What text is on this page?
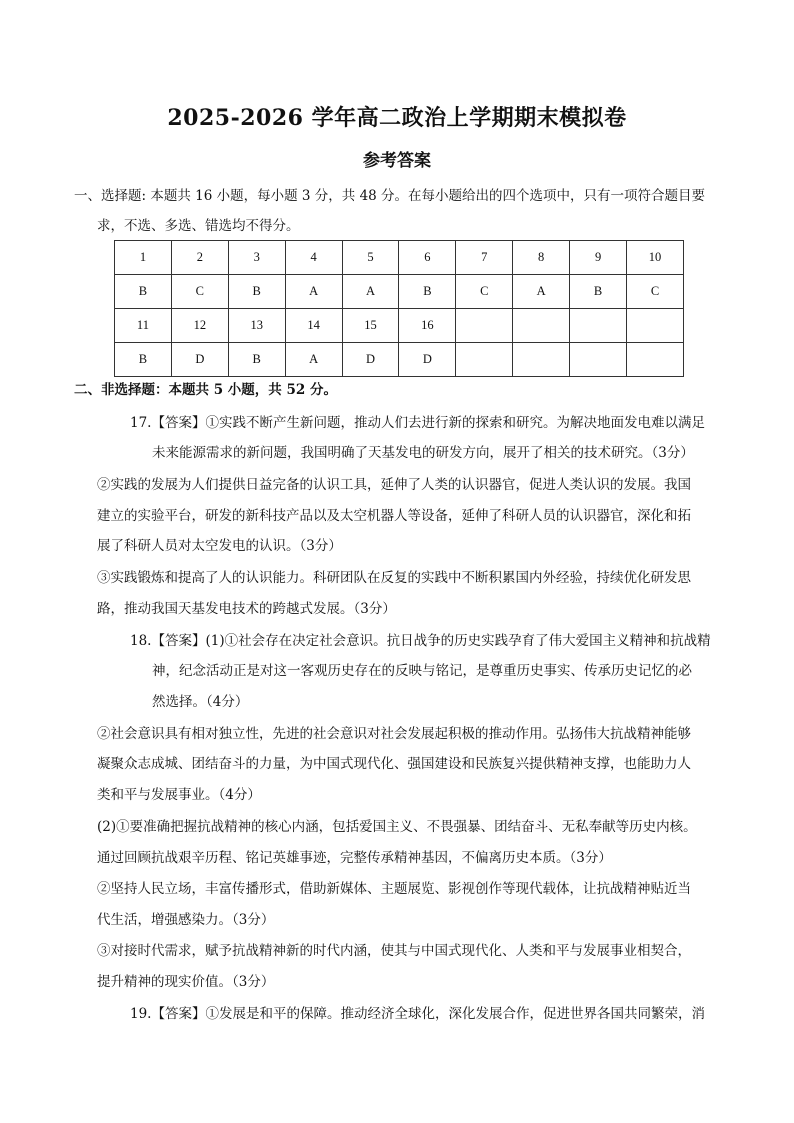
2025-2026 学年高二政治上学期期末模拟卷
参考答案
一、选择题: 本题共 16 小题，每小题 3 分，共 48 分。在每小题给出的四个选项中，只有一项符合题目要
求，不选、多选、错选均不得分。
1	2	3	4	5	6	7	8	9	10
B	C	B	A	A	B	C	A	B	C
11	12	13	14	15	16				
B	D	B	A	D	D				
二、非选择题：本题共 5 小题，共 52 分。
17.【答案】①实践不断产生新问题，推动人们去进行新的探索和研究。为解决地面发电难以满足
未来能源需求的新问题，我国明确了天基发电的研发方向，展开了相关的技术研究。（3分）
②实践的发展为人们提供日益完备的认识工具，延伸了人类的认识器官，促进人类认识的发展。我国
建立的实验平台，研发的新科技产品以及太空机器人等设备，延伸了科研人员的认识器官，深化和拓
展了科研人员对太空发电的认识。（3分）
③实践锻炼和提高了人的认识能力。科研团队在反复的实践中不断积累国内外经验，持续优化研发思
路，推动我国天基发电技术的跨越式发展。（3分）
18.【答案】(1)①社会存在决定社会意识。抗日战争的历史实践孕育了伟大爱国主义精神和抗战精
神，纪念活动正是对这一客观历史存在的反映与铭记，是尊重历史事实、传承历史记忆的必
然选择。（4分）
②社会意识具有相对独立性，先进的社会意识对社会发展起积极的推动作用。弘扬伟大抗战精神能够
凝聚众志成城、团结奋斗的力量，为中国式现代化、强国建设和民族复兴提供精神支撑，也能助力人
类和平与发展事业。（4分）
(2)①要准确把握抗战精神的核心内涵，包括爱国主义、不畏强暴、团结奋斗、无私奉献等历史内核。
通过回顾抗战艰辛历程、铭记英雄事迹，完整传承精神基因，不偏离历史本质。（3分）
②坚持人民立场，丰富传播形式，借助新媒体、主题展览、影视创作等现代载体，让抗战精神贴近当
代生活，增强感染力。（3分）
③对接时代需求，赋予抗战精神新的时代内涵，使其与中国式现代化、人类和平与发展事业相契合，
提升精神的现实价值。（3分）
19.【答案】①发展是和平的保障。推动经济全球化，深化发展合作，促进世界各国共同繁荣，消
